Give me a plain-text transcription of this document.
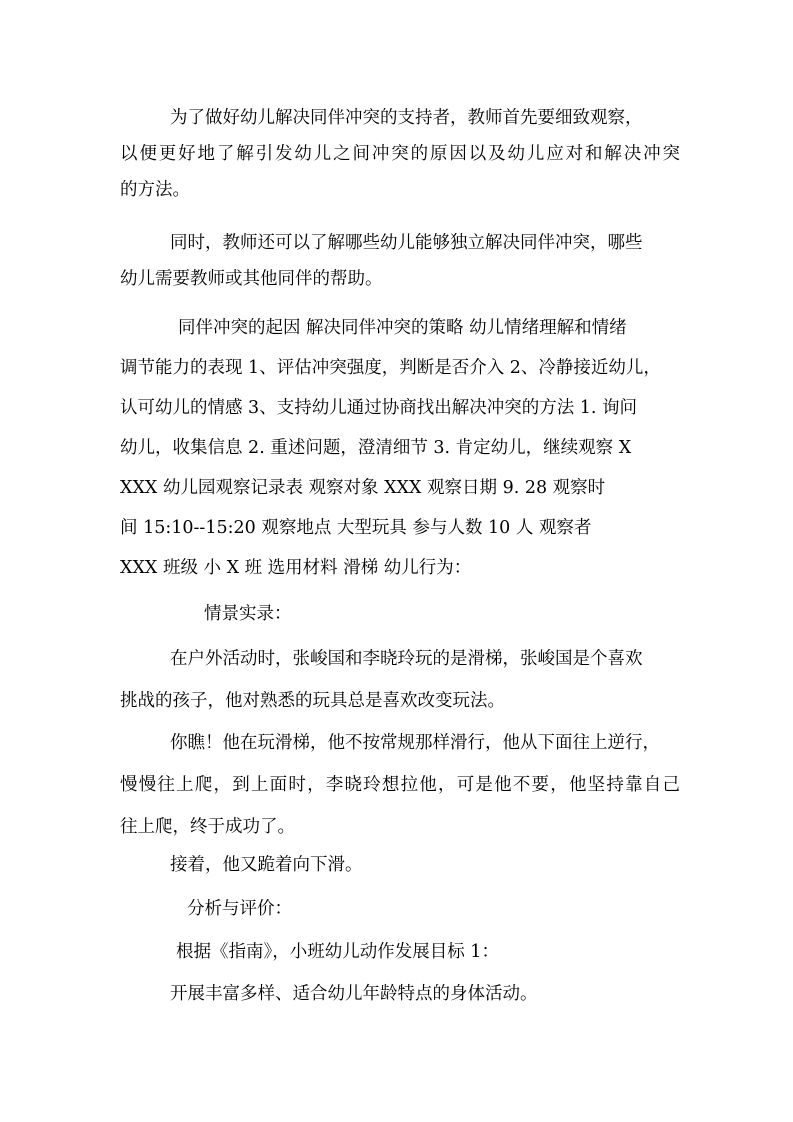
为了做好幼儿解决同伴冲突的支持者，教师首先要细致观察，
以便更好地了解引发幼儿之间冲突的原因以及幼儿应对和解决冲突
的方法。
同时，教师还可以了解哪些幼儿能够独立解决同伴冲突，哪些
幼儿需要教师或其他同伴的帮助。
同伴冲突的起因 解决同伴冲突的策略 幼儿情绪理解和情绪
调节能力的表现 1、评估冲突强度，判断是否介入 2、冷静接近幼儿，
认可幼儿的情感 3、支持幼儿通过协商找出解决冲突的方法 1. 询问
幼儿，收集信息 2. 重述问题，澄清细节 3. 肯定幼儿，继续观察 X
XXX 幼儿园观察记录表 观察对象 XXX 观察日期 9. 28 观察时
间 15:10--15:20 观察地点 大型玩具 参与人数 10 人 观察者
XXX 班级 小 X 班 选用材料 滑梯 幼儿行为：
情景实录：
在户外活动时，张峻国和李晓玲玩的是滑梯，张峻国是个喜欢
挑战的孩子，他对熟悉的玩具总是喜欢改变玩法。
你瞧！他在玩滑梯，他不按常规那样滑行，他从下面往上逆行，
慢慢往上爬，到上面时，李晓玲想拉他，可是他不要，他坚持靠自己
往上爬，终于成功了。
接着，他又跪着向下滑。
分析与评价：
根据《指南》，小班幼儿动作发展目标 1：
开展丰富多样、适合幼儿年龄特点的身体活动。
